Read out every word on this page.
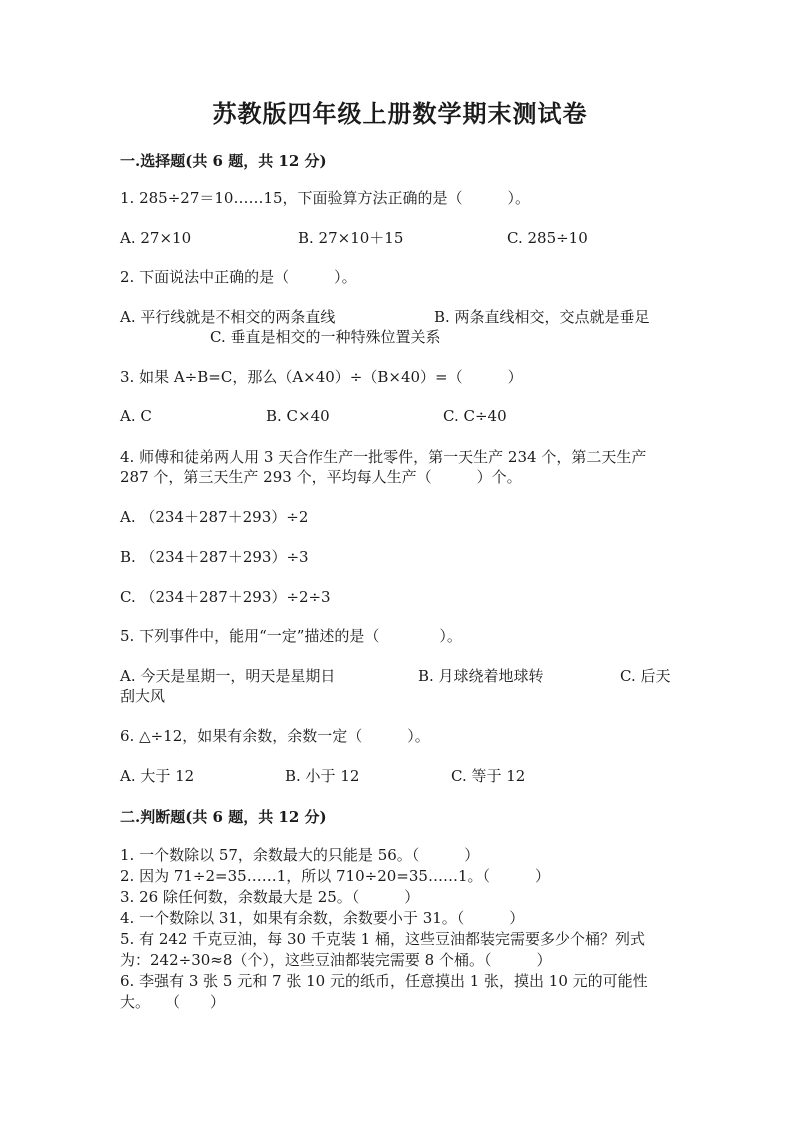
苏教版四年级上册数学期末测试卷
一.选择题(共 6 题，共 12 分)
1. 285÷27＝10……15，下面验算方法正确的是（　　　）。
A. 27×10	B. 27×10＋15	C. 285÷10
2. 下面说法中正确的是（　　　）。
A. 平行线就是不相交的两条直线	B. 两条直线相交，交点就是垂足
C. 垂直是相交的一种特殊位置关系
3. 如果 A÷B=C，那么（A×40）÷（B×40）=（　　　）
A. C	B. C×40	C. C÷40
4. 师傅和徒弟两人用 3 天合作生产一批零件，第一天生产 234 个，第二天生产
287 个，第三天生产 293 个，平均每人生产（　　　）个。
A. （234＋287＋293）÷2
B. （234＋287＋293）÷3
C. （234＋287＋293）÷2÷3
5. 下列事件中，能用“一定”描述的是（　　　　）。
A. 今天是星期一，明天是星期日	B. 月球绕着地球转	C. 后天
刮大风
6. △÷12，如果有余数，余数一定（　　　）。
A. 大于 12	B. 小于 12	C. 等于 12
二.判断题(共 6 题，共 12 分)
1. 一个数除以 57，余数最大的只能是 56。（　　　）
2. 因为 71÷2=35……1，所以 710÷20=35……1。（　　　）
3. 26 除任何数，余数最大是 25。（　　　）
4. 一个数除以 31，如果有余数，余数要小于 31。（　　　）
5. 有 242 千克豆油，每 30 千克装 1 桶，这些豆油都装完需要多少个桶？列式
为：242÷30≈8（个），这些豆油都装完需要 8 个桶。（　　　）
6. 李强有 3 张 5 元和 7 张 10 元的纸币，任意摸出 1 张，摸出 10 元的可能性
大。　　（　　）
